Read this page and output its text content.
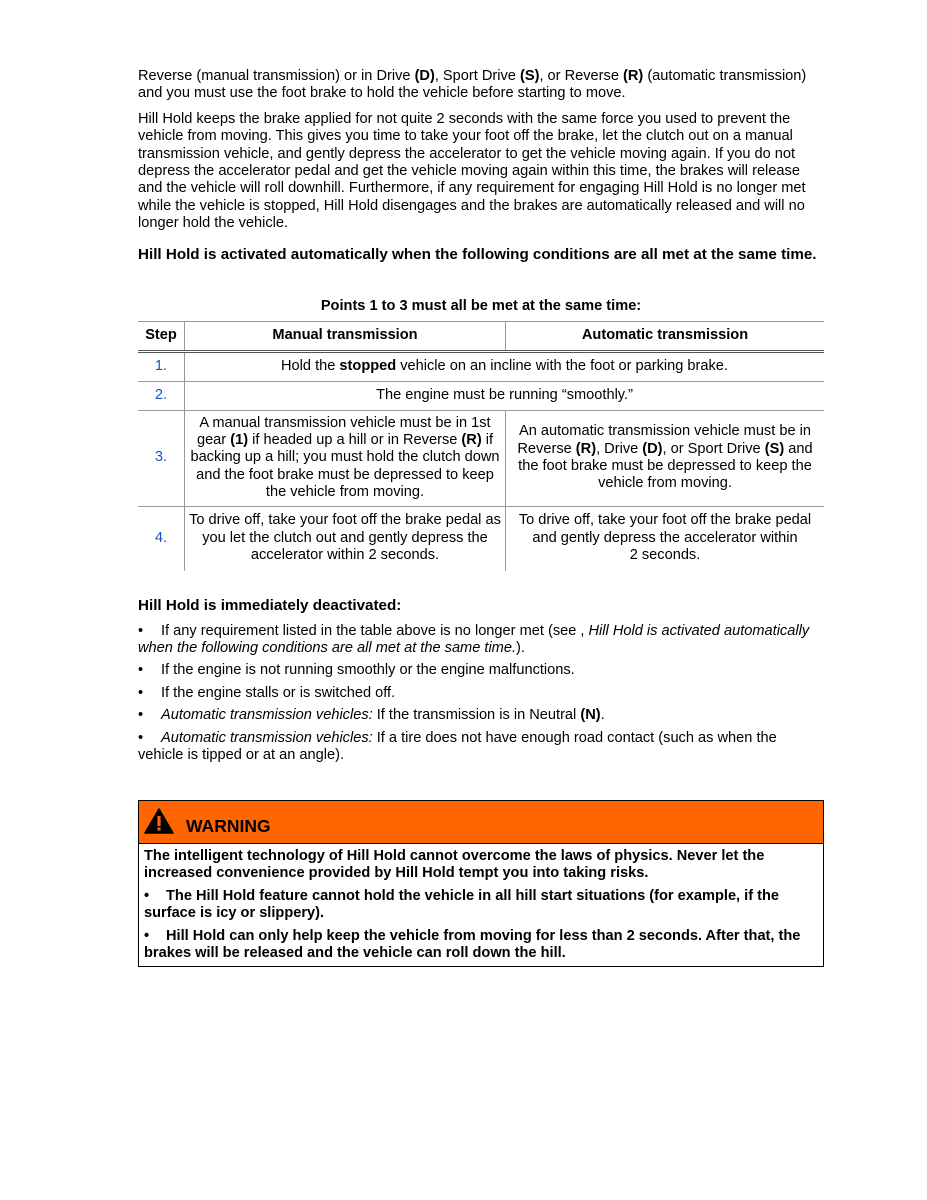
Reverse (manual transmission) or in Drive (D), Sport Drive (S), or Reverse (R) (automatic transmission) and you must use the foot brake to hold the vehicle before starting to move.

Hill Hold keeps the brake applied for not quite 2 seconds with the same force you used to prevent the vehicle from moving. This gives you time to take your foot off the brake, let the clutch out on a manual transmission vehicle, and gently depress the accelerator to get the vehicle moving again. If you do not depress the accelerator pedal and get the vehicle moving again within this time, the brakes will release and the vehicle will roll downhill. Furthermore, if any requirement for engaging Hill Hold is no longer met while the vehicle is stopped, Hill Hold disengages and the brakes are automatically released and will no longer hold the vehicle.

Hill Hold is activated automatically when the following conditions are all met at the same time.

Points 1 to 3 must all be met at the same time:

Step	Manual transmission	Automatic transmission
1.	Hold the stopped vehicle on an incline with the foot or parking brake.	
2.	The engine must be running “smoothly.”	
3.	A manual transmission vehicle must be in 1st gear (1) if headed up a hill or in Reverse (R) if backing up a hill; you must hold the clutch down and the foot brake must be depressed to keep the vehicle from moving.	An automatic transmission vehicle must be in Reverse (R), Drive (D), or Sport Drive (S) and the foot brake must be depressed to keep the vehicle from moving.
4.	To drive off, take your foot off the brake pedal as you let the clutch out and gently depress the accelerator within 2 seconds.	To drive off, take your foot off the brake pedal and gently depress the accelerator within
2 seconds.

Hill Hold is immediately deactivated:

• If any requirement listed in the table above is no longer met (see , Hill Hold is activated automatically when the following conditions are all met at the same time.).

• If the engine is not running smoothly or the engine malfunctions.

• If the engine stalls or is switched off.

• Automatic transmission vehicles: If the transmission is in Neutral (N).

• Automatic transmission vehicles: If a tire does not have enough road contact (such as when the vehicle is tipped or at an angle).

WARNING

The intelligent technology of Hill Hold cannot overcome the laws of physics. Never let the increased convenience provided by Hill Hold tempt you into taking risks.

• The Hill Hold feature cannot hold the vehicle in all hill start situations (for example, if the surface is icy or slippery).

• Hill Hold can only help keep the vehicle from moving for less than 2 seconds. After that, the brakes will be released and the vehicle can roll down the hill.
